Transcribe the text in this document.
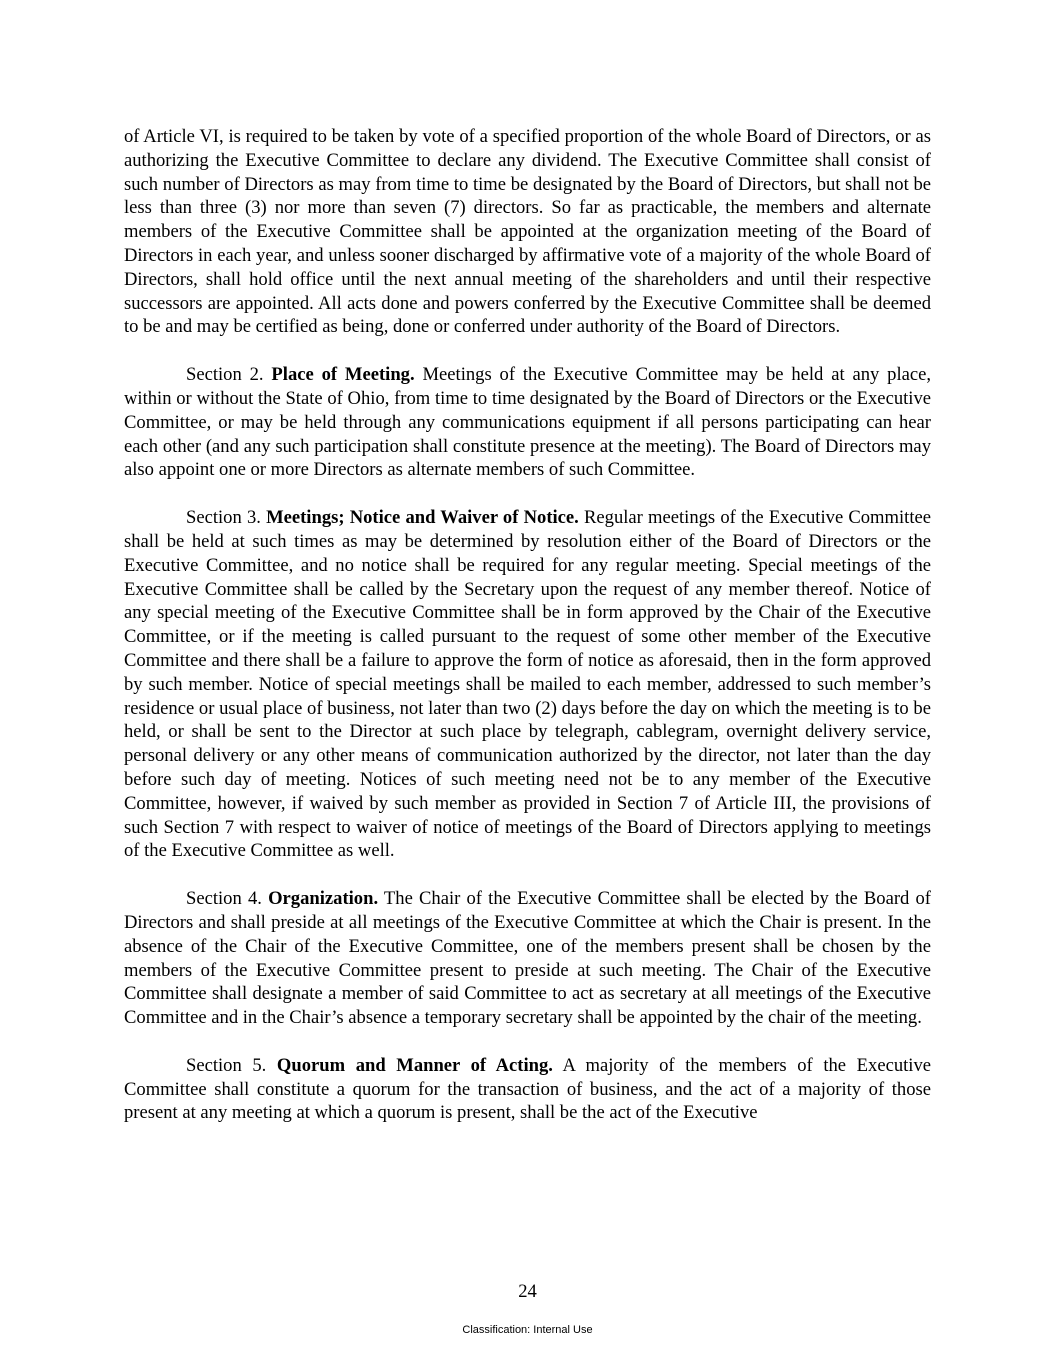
of Article VI, is required to be taken by vote of a specified proportion of the whole Board of Directors, or as authorizing the Executive Committee to declare any dividend. The Executive Committee shall consist of such number of Directors as may from time to time be designated by the Board of Directors, but shall not be less than three (3) nor more than seven (7) directors. So far as practicable, the members and alternate members of the Executive Committee shall be appointed at the organization meeting of the Board of Directors in each year, and unless sooner discharged by affirmative vote of a majority of the whole Board of Directors, shall hold office until the next annual meeting of the shareholders and until their respective successors are appointed. All acts done and powers conferred by the Executive Committee shall be deemed to be and may be certified as being, done or conferred under authority of the Board of Directors.

Section 2. Place of Meeting. Meetings of the Executive Committee may be held at any place, within or without the State of Ohio, from time to time designated by the Board of Directors or the Executive Committee, or may be held through any communications equipment if all persons participating can hear each other (and any such participation shall constitute presence at the meeting). The Board of Directors may also appoint one or more Directors as alternate members of such Committee.

Section 3. Meetings; Notice and Waiver of Notice. Regular meetings of the Executive Committee shall be held at such times as may be determined by resolution either of the Board of Directors or the Executive Committee, and no notice shall be required for any regular meeting. Special meetings of the Executive Committee shall be called by the Secretary upon the request of any member thereof. Notice of any special meeting of the Executive Committee shall be in form approved by the Chair of the Executive Committee, or if the meeting is called pursuant to the request of some other member of the Executive Committee and there shall be a failure to approve the form of notice as aforesaid, then in the form approved by such member. Notice of special meetings shall be mailed to each member, addressed to such member’s residence or usual place of business, not later than two (2) days before the day on which the meeting is to be held, or shall be sent to the Director at such place by telegraph, cablegram, overnight delivery service, personal delivery or any other means of communication authorized by the director, not later than the day before such day of meeting. Notices of such meeting need not be to any member of the Executive Committee, however, if waived by such member as provided in Section 7 of Article III, the provisions of such Section 7 with respect to waiver of notice of meetings of the Board of Directors applying to meetings of the Executive Committee as well.

Section 4. Organization. The Chair of the Executive Committee shall be elected by the Board of Directors and shall preside at all meetings of the Executive Committee at which the Chair is present. In the absence of the Chair of the Executive Committee, one of the members present shall be chosen by the members of the Executive Committee present to preside at such meeting. The Chair of the Executive Committee shall designate a member of said Committee to act as secretary at all meetings of the Executive Committee and in the Chair’s absence a temporary secretary shall be appointed by the chair of the meeting.

Section 5. Quorum and Manner of Acting. A majority of the members of the Executive Committee shall constitute a quorum for the transaction of business, and the act of a majority of those present at any meeting at which a quorum is present, shall be the act of the Executive

24
Classification: Internal Use
